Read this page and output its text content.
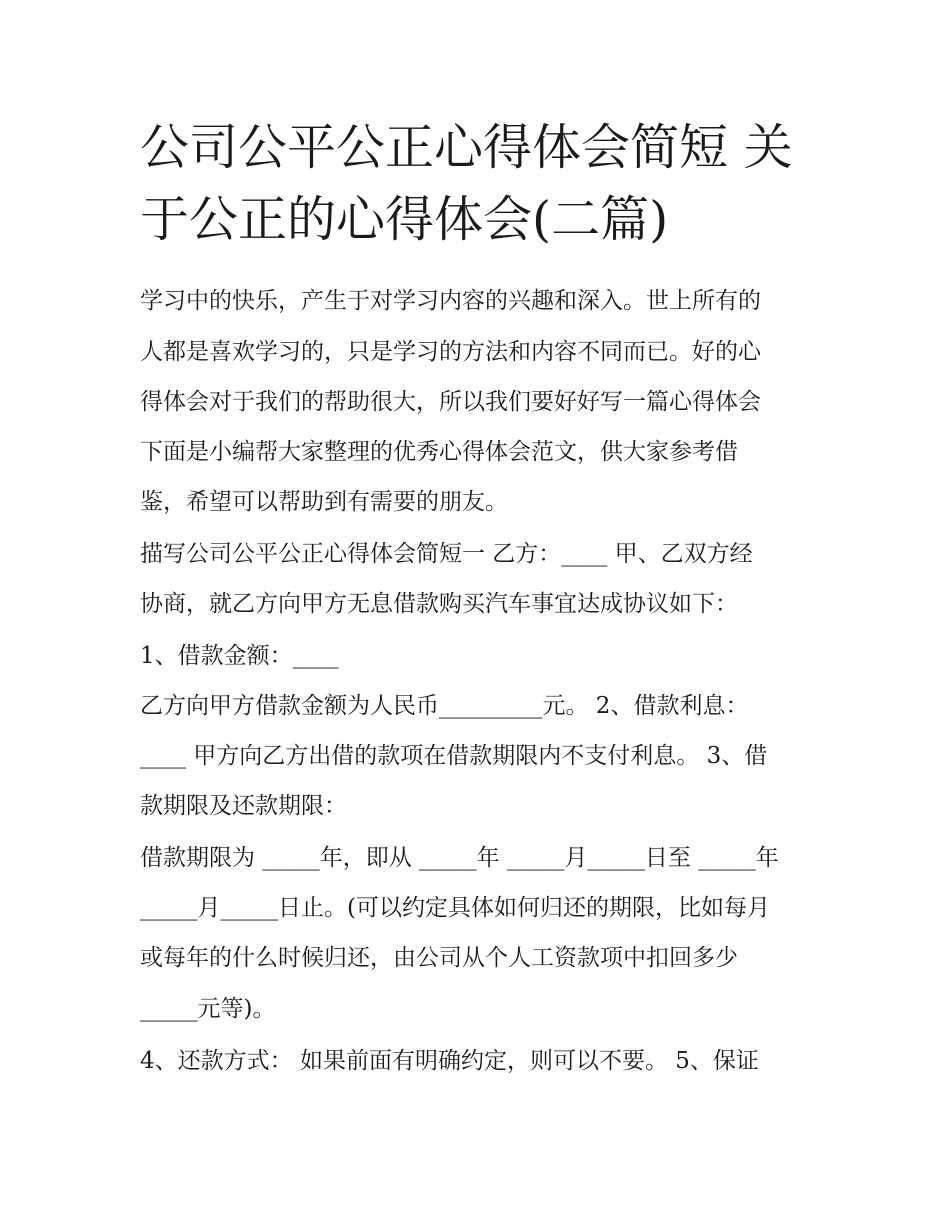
公司公平公正心得体会简短 关于公正的心得体会(二篇)

学习中的快乐，产生于对学习内容的兴趣和深入。世上所有的

人都是喜欢学习的，只是学习的方法和内容不同而已。好的心

得体会对于我们的帮助很大，所以我们要好好写一篇心得体会

下面是小编帮大家整理的优秀心得体会范文，供大家参考借

鉴，希望可以帮助到有需要的朋友。

描写公司公平公正心得体会简短一 乙方：____ 甲、乙双方经

协商，就乙方向甲方无息借款购买汽车事宜达成协议如下：

1、借款金额：____

乙方向甲方借款金额为人民币_________元。 2、借款利息：

____ 甲方向乙方出借的款项在借款期限内不支付利息。 3、借

款期限及还款期限：

借款期限为 _____年，即从 _____年 _____月_____日至 _____年

_____月_____日止。(可以约定具体如何归还的期限，比如每月

或每年的什么时候归还，由公司从个人工资款项中扣回多少

_____元等)。

4、还款方式： 如果前面有明确约定，则可以不要。 5、保证
